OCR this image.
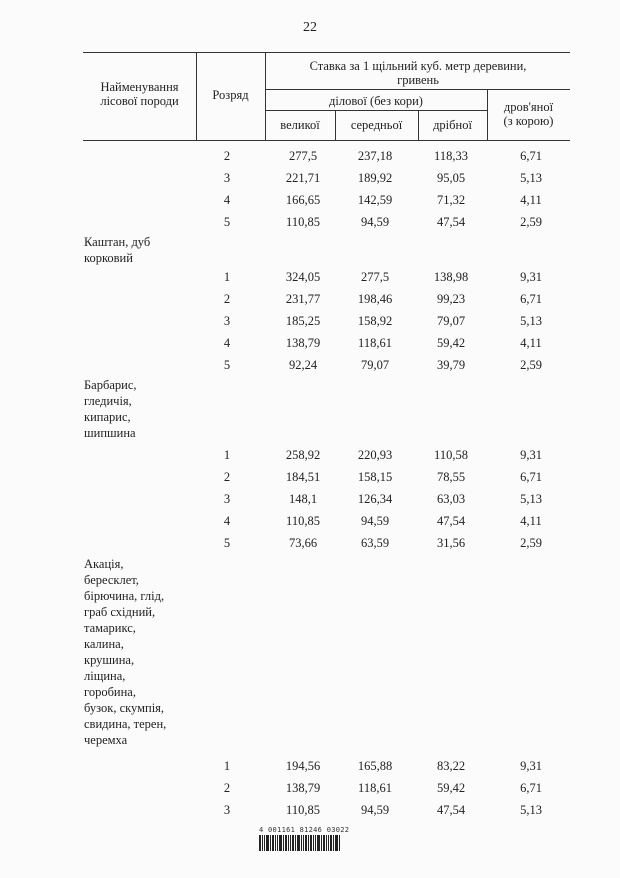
22
Найменування лісової породи	Розряд
Ставка за 1 щільний куб. метр деревини,
гривень
ділової (без кори)
великої	середньої	дрібної
дров'яної
(з корою)
2	277,5	237,18	118,33	6,71
3	221,71	189,92	95,05	5,13
4	166,65	142,59	71,32	4,11
5	110,85	94,59	47,54	2,59
Каштан, дуб
корковий
1	324,05	277,5	138,98	9,31
2	231,77	198,46	99,23	6,71
3	185,25	158,92	79,07	5,13
4	138,79	118,61	59,42	4,11
5	92,24	79,07	39,79	2,59
Барбарис,
гледичія,
кипарис,
шипшина
1	258,92	220,93	110,58	9,31
2	184,51	158,15	78,55	6,71
3	148,1	126,34	63,03	5,13
4	110,85	94,59	47,54	4,11
5	73,66	63,59	31,56	2,59
Акація,
бересклет,
бірючина, глід,
граб східний,
тамарикс,
калина,
крушина,
ліщина,
горобина,
бузок, скумпія,
свидина, терен,
черемха
1	194,56	165,88	83,22	9,31
2	138,79	118,61	59,42	6,71
3	110,85	94,59	47,54	5,13
4 001161 81246 03022
